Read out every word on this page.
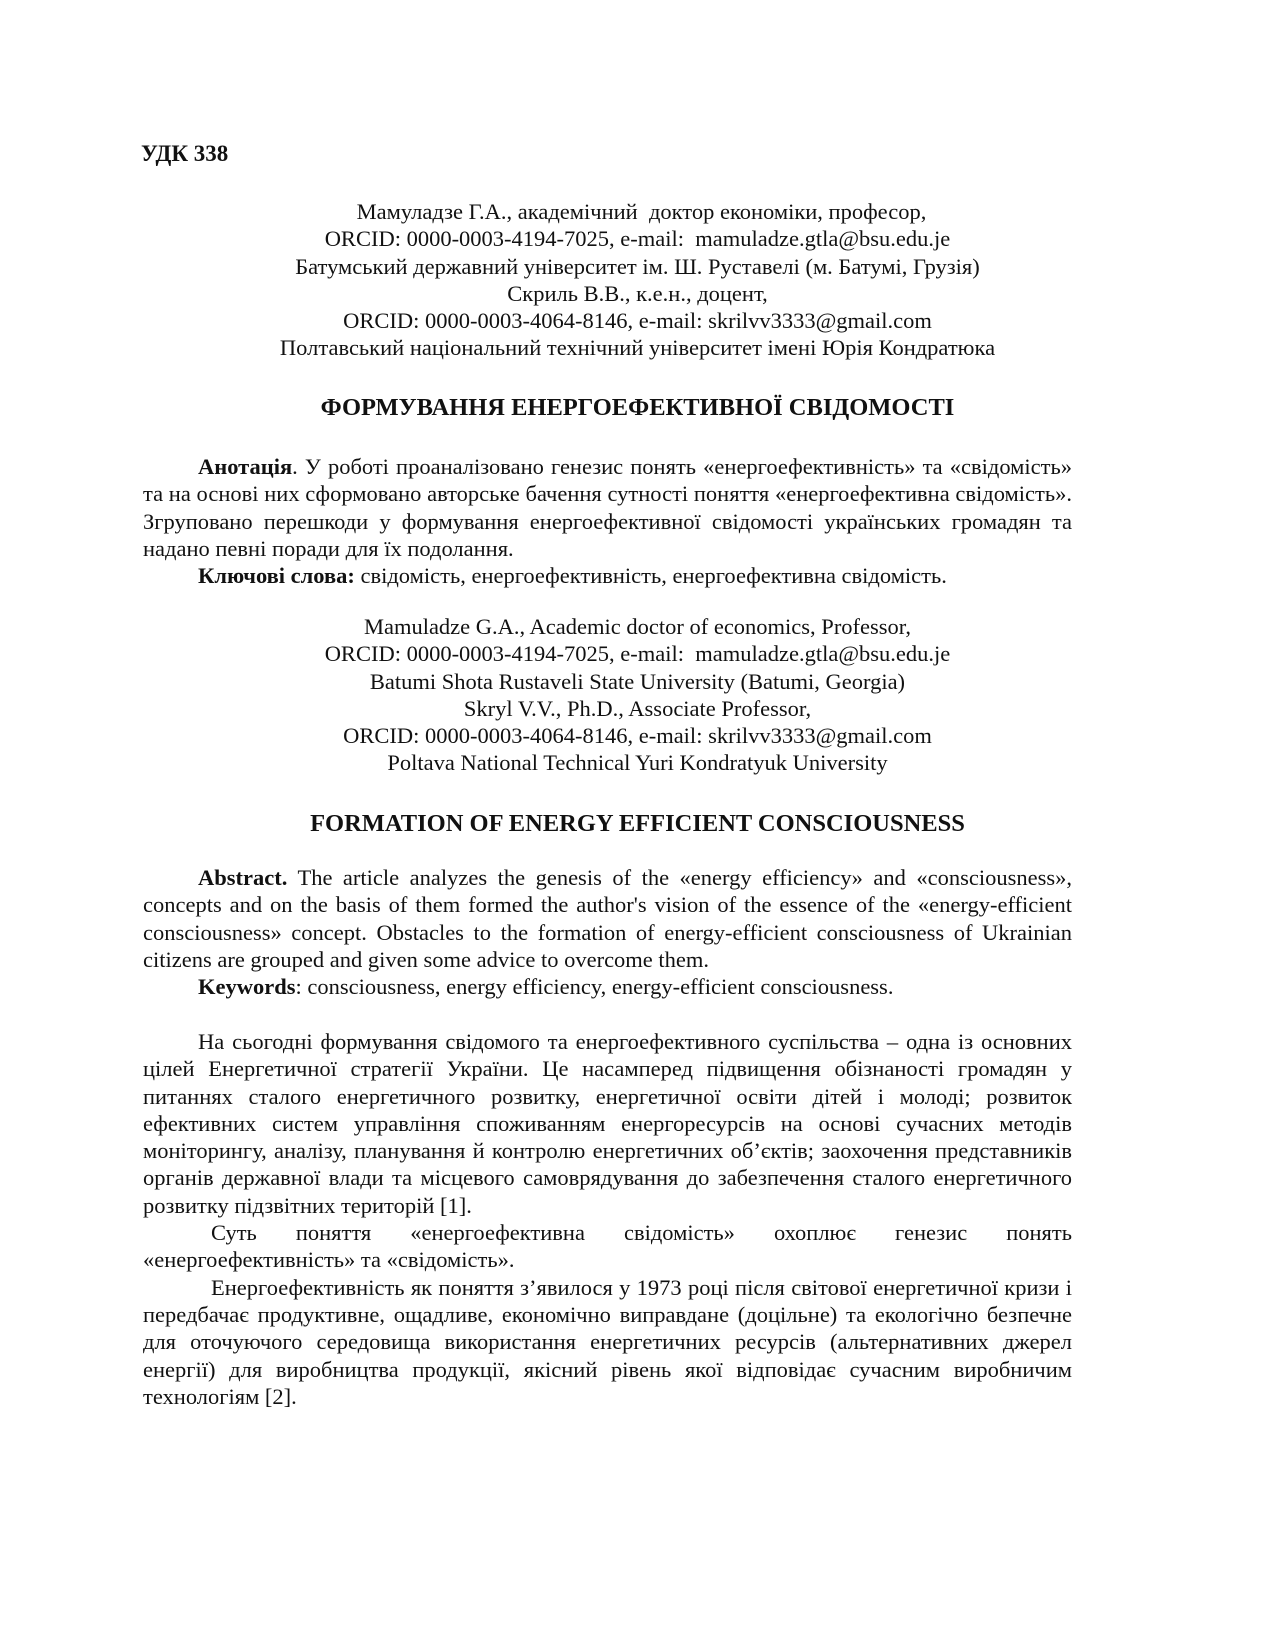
УДК 338
Мамуладзе Г.А., академічний  доктор економіки, професор,
ORCID: 0000-0003-4194-7025, e-mail:  mamuladze.gtla@bsu.edu.je
Батумський державний університет ім. Ш. Руставелі (м. Батумі, Грузія)
Скриль В.В., к.е.н., доцент,
ORCID: 0000-0003-4064-8146, e-mail: skrilvv3333@gmail.com
Полтавський національний технічний університет імені Юрія Кондратюка
ФОРМУВАННЯ ЕНЕРГОЕФЕКТИВНОЇ СВІДОМОСТІ

Анотація. У роботі проаналізовано генезис понять «енергоефективність» та «свідомість» та на основі них сформовано авторське бачення сутності поняття «енергоефективна свідомість». Згруповано перешкоди у формування енергоефективної свідомості українських громадян та надано певні поради для їх подолання.

Ключові слова: свідомість, енергоефективність, енергоефективна свідомість.

Mamuladze G.A., Academic doctor of economics, Professor,
ORCID: 0000-0003-4194-7025, e-mail:  mamuladze.gtla@bsu.edu.je
Batumi Shota Rustaveli State University (Batumi, Georgia)
Skryl V.V., Ph.D., Associate Professor,
ORCID: 0000-0003-4064-8146, e-mail: skrilvv3333@gmail.com
Poltava National Technical Yuri Kondratyuk University
FORMATION OF ENERGY EFFICIENT CONSCIOUSNESS

Abstract. The article analyzes the genesis of the «energy efficiency» and «consciousness», concepts and on the basis of them formed the author's vision of the essence of the «energy-efficient consciousness» concept. Obstacles to the formation of energy-efficient consciousness of Ukrainian citizens are grouped and given some advice to overcome them.

Keywords: consciousness, energy efficiency, energy-efficient consciousness.

На сьогодні формування свідомого та енергоефективного суспільства – одна із основних цілей Енергетичної стратегії України. Це насамперед підвищення обізнаності громадян у питаннях сталого енергетичного розвитку, енергетичної освіти дітей і молоді; розвиток ефективних систем управління споживанням енергоресурсів на основі сучасних методів моніторингу, аналізу, планування й контролю енергетичних об’єктів; заохочення представників органів державної влади та місцевого самоврядування до забезпечення сталого енергетичного розвитку підзвітних територій [1].

Суть поняття «енергоефективна свідомість» охоплює генезис понять «енергоефективність» та «свідомість».

Енергоефективність як поняття з’явилося у 1973 році після світової енергетичної кризи і передбачає продуктивне, ощадливе, економічно виправдане (доцільне) та екологічно безпечне для оточуючого середовища використання енергетичних ресурсів (альтернативних джерел енергії) для виробництва продукції, якісний рівень якої відповідає сучасним виробничим технологіям [2].
